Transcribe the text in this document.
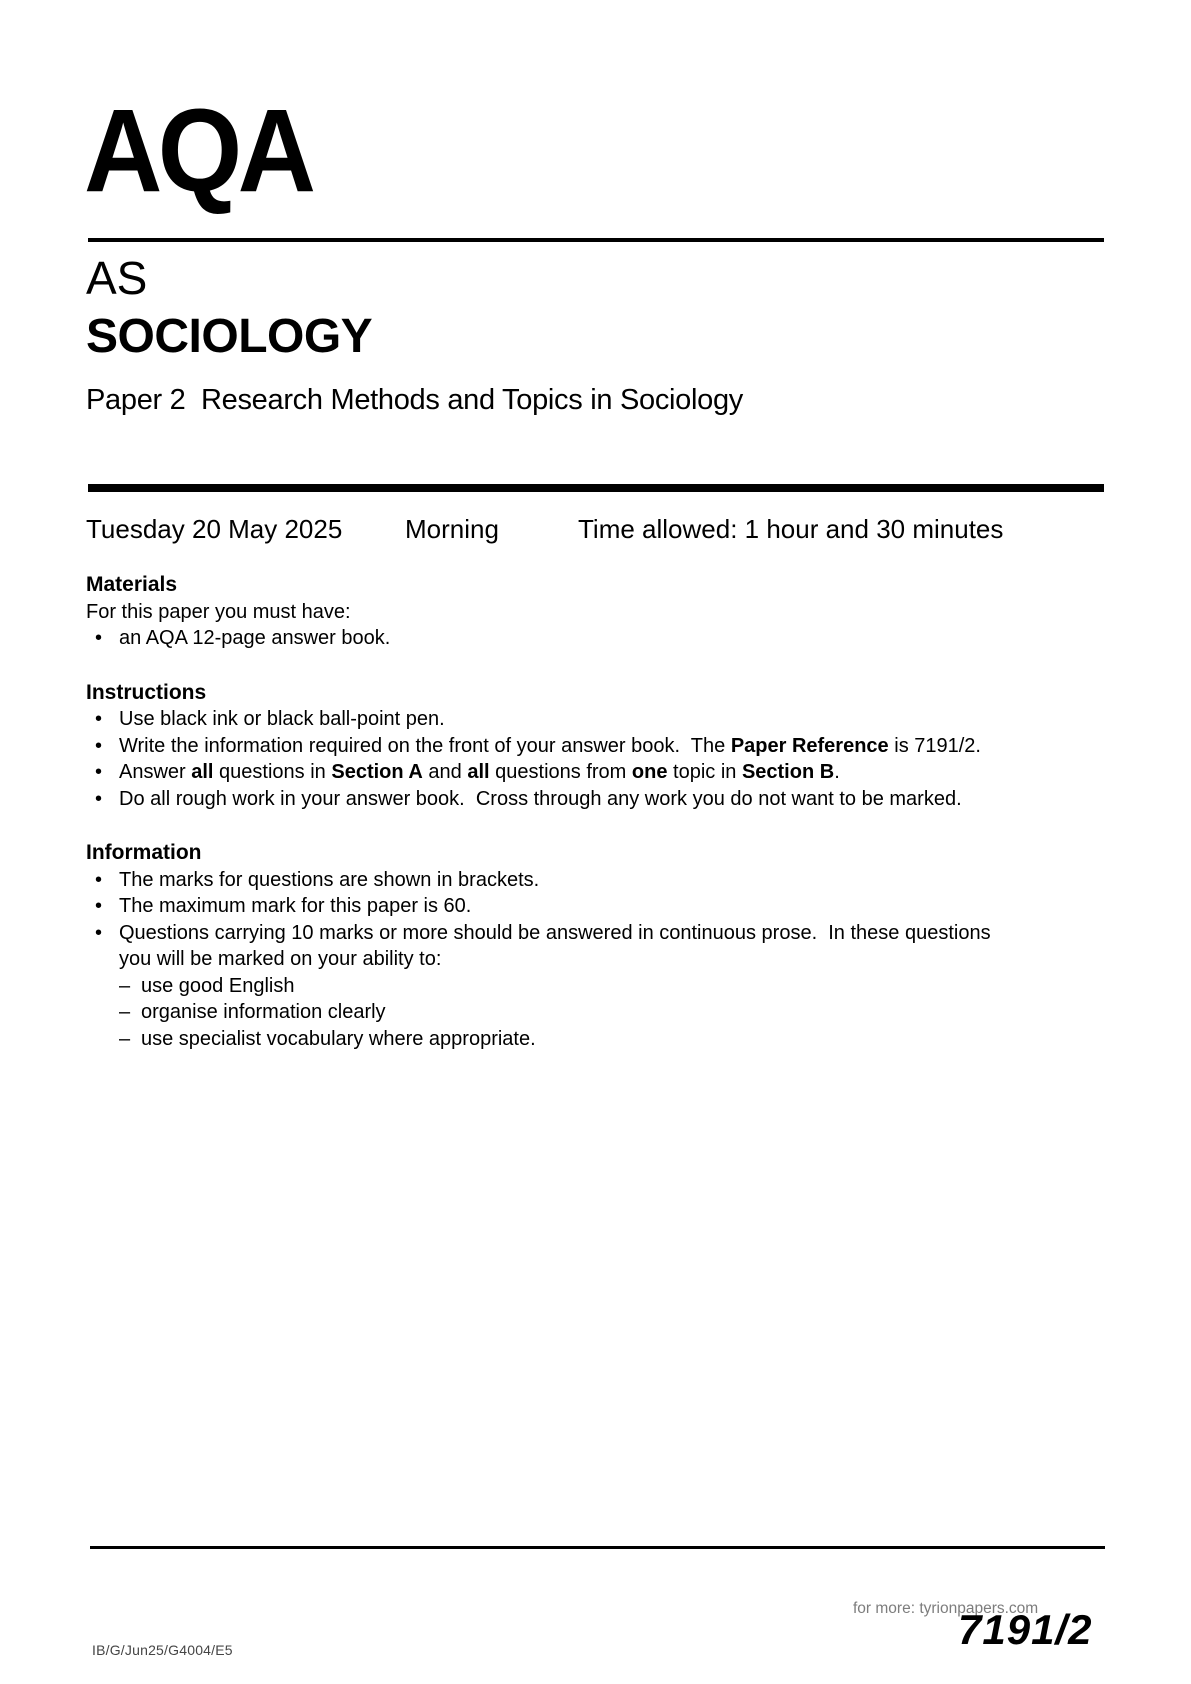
AQA
AS
SOCIOLOGY
Paper 2  Research Methods and Topics in Sociology
Tuesday 20 May 2025 Morning	Time allowed: 1 hour and 30 minutes
Materials
For this paper you must have:
• an AQA 12-page answer book.
Instructions
• Use black ink or black ball-point pen.
• Write the information required on the front of your answer book.  The Paper Reference is 7191/2.
• Answer all questions in Section A and all questions from one topic in Section B.
• Do all rough work in your answer book.  Cross through any work you do not want to be marked.
Information
• The marks for questions are shown in brackets.
• The maximum mark for this paper is 60.
• Questions carrying 10 marks or more should be answered in continuous prose.  In these questions
you will be marked on your ability to:
– use good English
– organise information clearly
– use specialist vocabulary where appropriate.
IB/G/Jun25/G4004/E5
for more: tyrionpapers.com
7191/2
